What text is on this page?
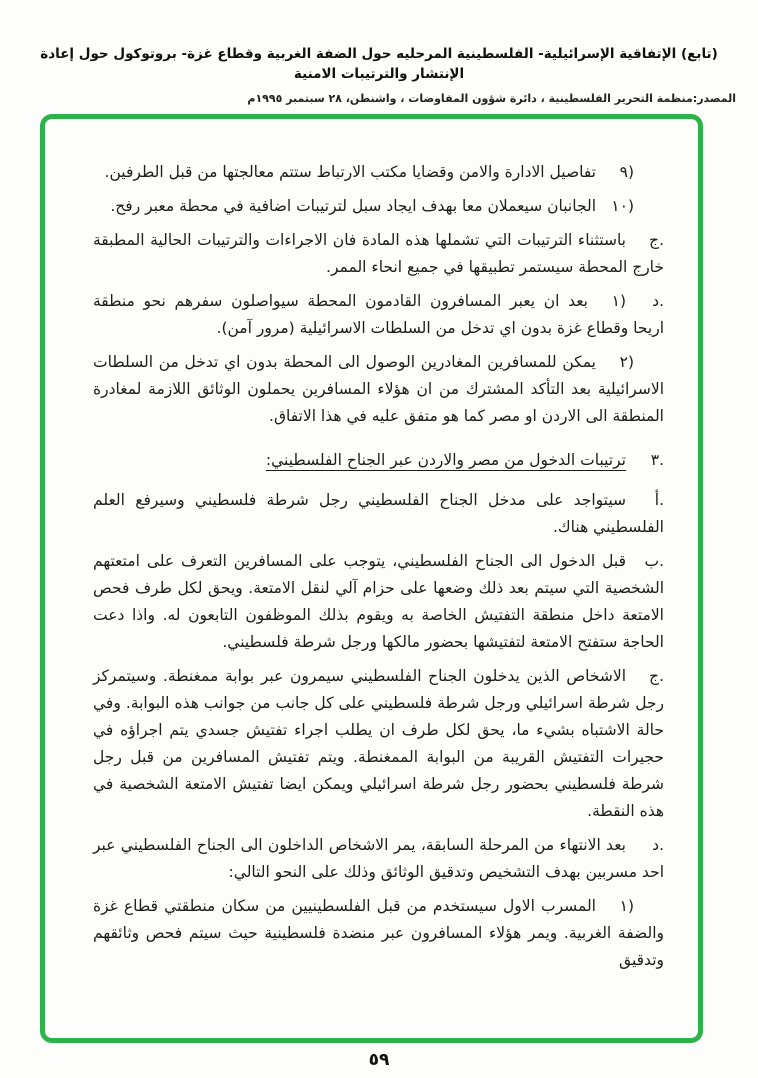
(تابع) الإتفاقية الإسرائيلية- الفلسطينية المرحليه حول الضفة الغربية وقطاع غزة- بروتوكول حول إعادة الإنتشار والترتيبات الامنية
المصدر:منظمة التحرير الفلسطينية ، دائرة شؤون المفاوضات ، واشنطن، ٢٨ سبتمبر ١٩٩٥م

٩)تفاصيل الادارة والامن وقضايا مكتب الارتباط ستتم معالجتها من قبل الطرفين.

١٠)الجانبان سيعملان معا بهدف ايجاد سبل لترتيبات اضافية في محطة معبر رفح.

ج.باستثناء الترتيبات التي تشملها هذه المادة فان الاجراءات والترتيبات الحالية المطبقة خارج المحطة سيستمر تطبيقها في جميع انحاء الممر.

د.١)بعد ان يعبر المسافرون القادمون المحطة سيواصلون سفرهم نحو منطقة اريحا وقطاع غزة بدون اي تدخل من السلطات الاسرائيلية (مرور آمن).

٢)يمكن للمسافرين المغادرين الوصول الى المحطة بدون اي تدخل من السلطات الاسرائيلية بعد التأكد المشترك من ان هؤلاء المسافرين يحملون الوثائق اللازمة لمغادرة المنطقة الى الاردن او مصر كما هو متفق عليه في هذا الاتفاق.

٣.ترتيبات الدخول من مصر والاردن عبر الجناح الفلسطيني:

أ.سيتواجد على مدخل الجناح الفلسطيني رجل شرطة فلسطيني وسيرفع العلم الفلسطيني هناك.

ب.قبل الدخول الى الجناح الفلسطيني، يتوجب على المسافرين التعرف على امتعتهم الشخصية التي سيتم بعد ذلك وضعها على حزام آلي لنقل الامتعة. ويحق لكل طرف فحص الامتعة داخل منطقة التفتيش الخاصة به ويقوم بذلك الموظفون التابعون له. واذا دعت الحاجة ستفتح الامتعة لتفتيشها بحضور مالكها ورجل شرطة فلسطيني.

ج.الاشخاص الذين يدخلون الجناح الفلسطيني سيمرون عبر بوابة ممغنطة. وسيتمركز رجل شرطة اسرائيلي ورجل شرطة فلسطيني على كل جانب من جوانب هذه البوابة. وفي حالة الاشتباه بشيء ما، يحق لكل طرف ان يطلب اجراء تفتيش جسدي يتم اجراؤه في حجيرات التفتيش القريبة من البوابة الممغنطة. ويتم تفتيش المسافرين من قبل رجل شرطة فلسطيني بحضور رجل شرطة اسرائيلي ويمكن ايضا تفتيش الامتعة الشخصية في هذه النقطة.

د.بعد الانتهاء من المرحلة السابقة، يمر الاشخاص الداخلون الى الجناح الفلسطيني عبر احد مسربين بهدف التشخيص وتدقيق الوثائق وذلك على النحو التالي:

١)المسرب الاول سيستخدم من قبل الفلسطينيين من سكان منطقتي قطاع غزة والضفة الغربية. ويمر هؤلاء المسافرون عبر منضدة فلسطينية حيث سيتم فحص وثائقهم وتدقيق

٥٩
